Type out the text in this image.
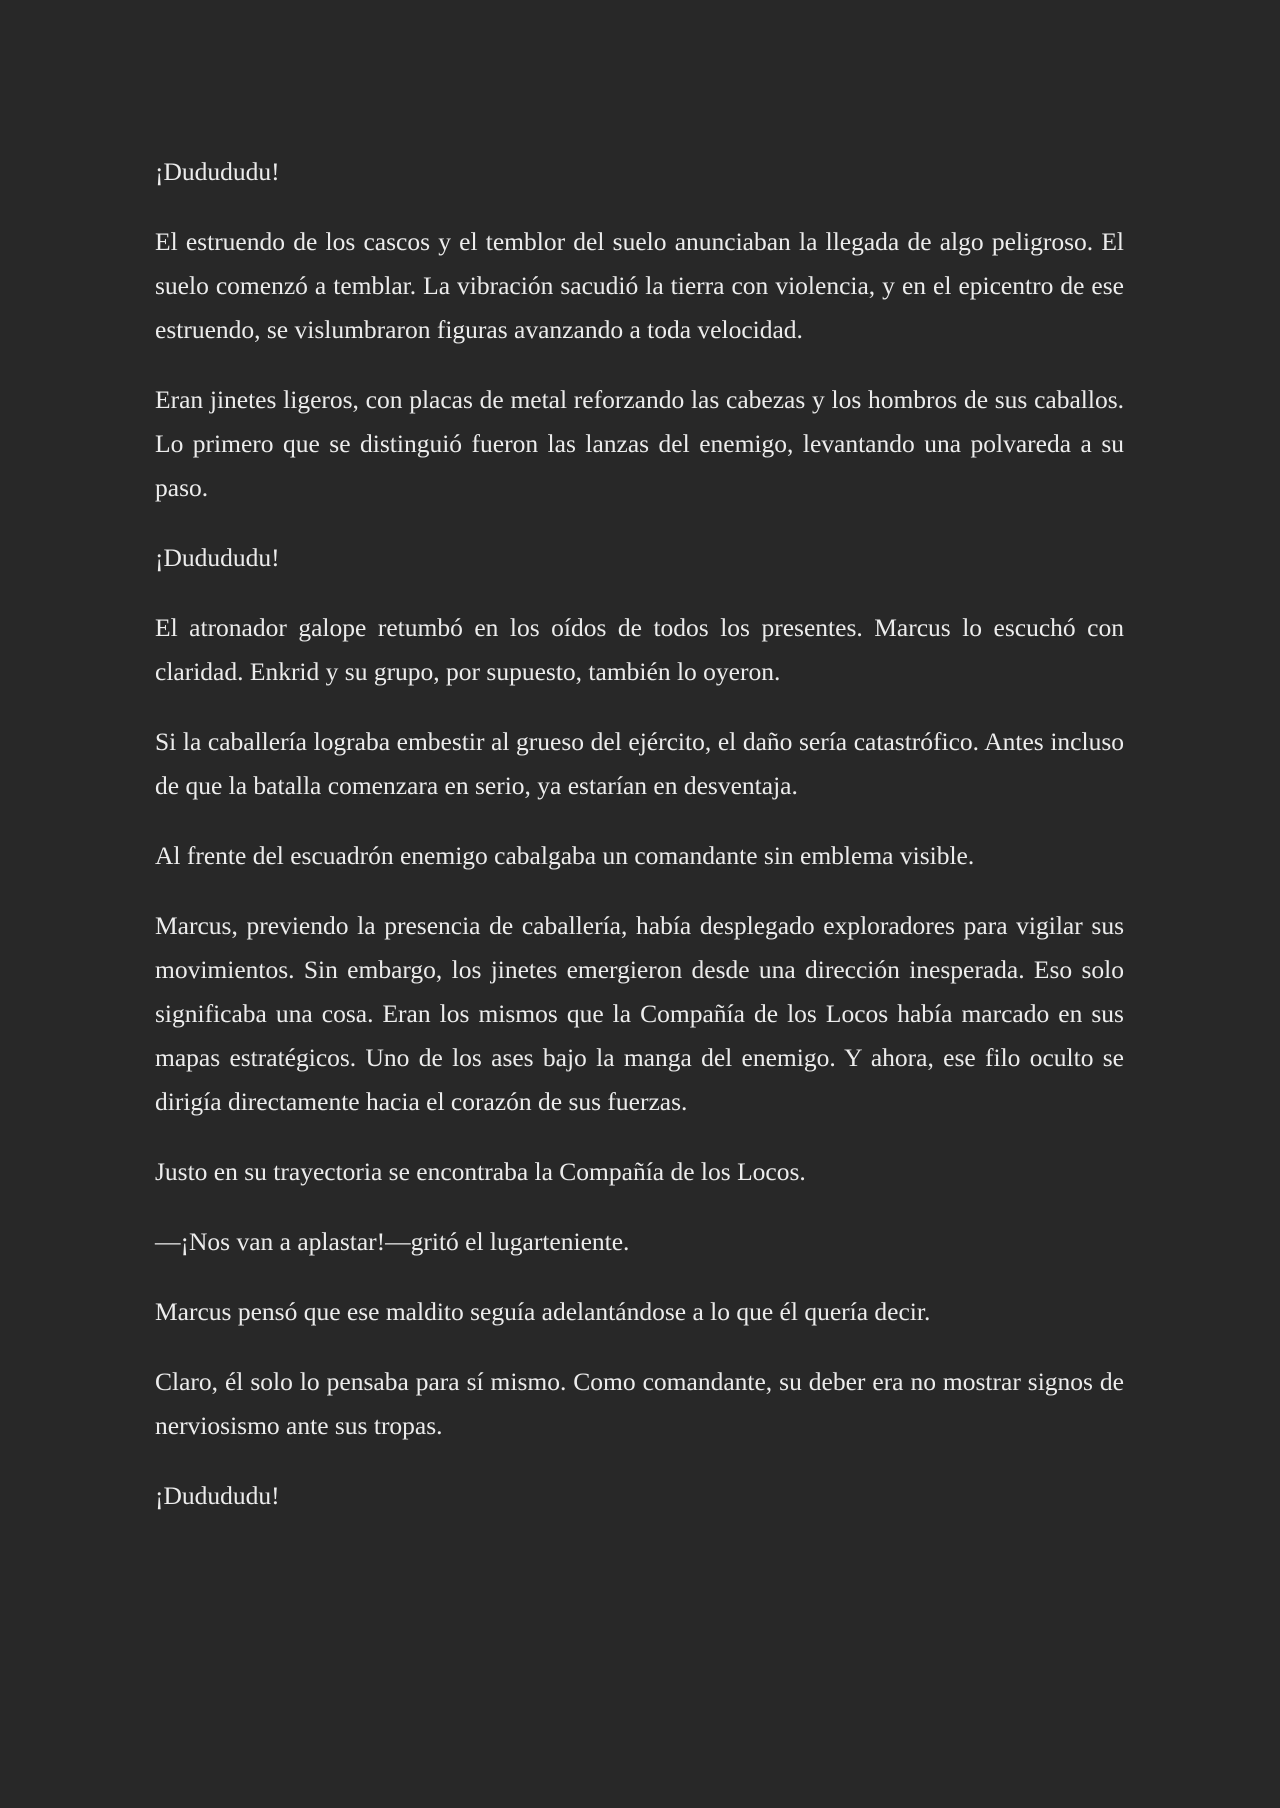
¡Dudududu!

El estruendo de los cascos y el temblor del suelo anunciaban la llegada de algo peligroso. El suelo comenzó a temblar. La vibración sacudió la tierra con violencia, y en el epicentro de ese estruendo, se vislumbraron figuras avanzando a toda velocidad.

Eran jinetes ligeros, con placas de metal reforzando las cabezas y los hombros de sus caballos. Lo primero que se distinguió fueron las lanzas del enemigo, levantando una polvareda a su paso.

¡Dudududu!

El atronador galope retumbó en los oídos de todos los presentes. Marcus lo escuchó con claridad. Enkrid y su grupo, por supuesto, también lo oyeron.

Si la caballería lograba embestir al grueso del ejército, el daño sería catastrófico. Antes incluso de que la batalla comenzara en serio, ya estarían en desventaja.

Al frente del escuadrón enemigo cabalgaba un comandante sin emblema visible.

Marcus, previendo la presencia de caballería, había desplegado exploradores para vigilar sus movimientos. Sin embargo, los jinetes emergieron desde una dirección inesperada. Eso solo significaba una cosa. Eran los mismos que la Compañía de los Locos había marcado en sus mapas estratégicos. Uno de los ases bajo la manga del enemigo. Y ahora, ese filo oculto se dirigía directamente hacia el corazón de sus fuerzas.

Justo en su trayectoria se encontraba la Compañía de los Locos.

—¡Nos van a aplastar!—gritó el lugarteniente.

Marcus pensó que ese maldito seguía adelantándose a lo que él quería decir.

Claro, él solo lo pensaba para sí mismo. Como comandante, su deber era no mostrar signos de nerviosismo ante sus tropas.

¡Dudududu!
